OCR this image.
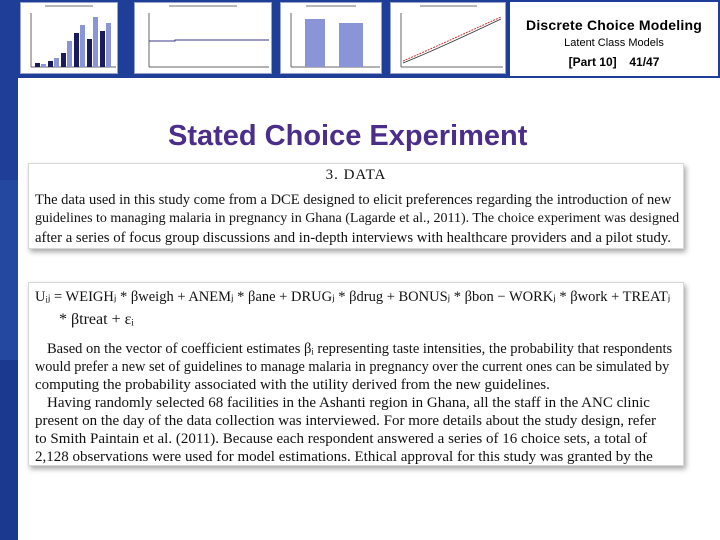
Discrete Choice Modeling
Latent Class Models
[Part 10] 41/47
Stated Choice Experiment
3. DATA
The data used in this study come from a DCE designed to elicit preferences regarding the introduction of new
guidelines to managing malaria in pregnancy in Ghana (Lagarde et al., 2011). The choice experiment was designed
after a series of focus group discussions and in-depth interviews with healthcare providers and a pilot study.
Uᵢⱼ = WEIGHⱼ * βweigh + ANEMⱼ * βane + DRUGⱼ * βdrug + BONUSⱼ * βbon − WORKⱼ * βwork + TREATⱼ
* βtreat + εᵢ
Based on the vector of coefficient estimates βᵢ representing taste intensities, the probability that respondents
would prefer a new set of guidelines to manage malaria in pregnancy over the current ones can be simulated by
computing the probability associated with the utility derived from the new guidelines.
Having randomly selected 68 facilities in the Ashanti region in Ghana, all the staff in the ANC clinic
present on the day of the data collection was interviewed. For more details about the study design, refer
to Smith Paintain et al. (2011). Because each respondent answered a series of 16 choice sets, a total of
2,128 observations were used for model estimations. Ethical approval for this study was granted by the
